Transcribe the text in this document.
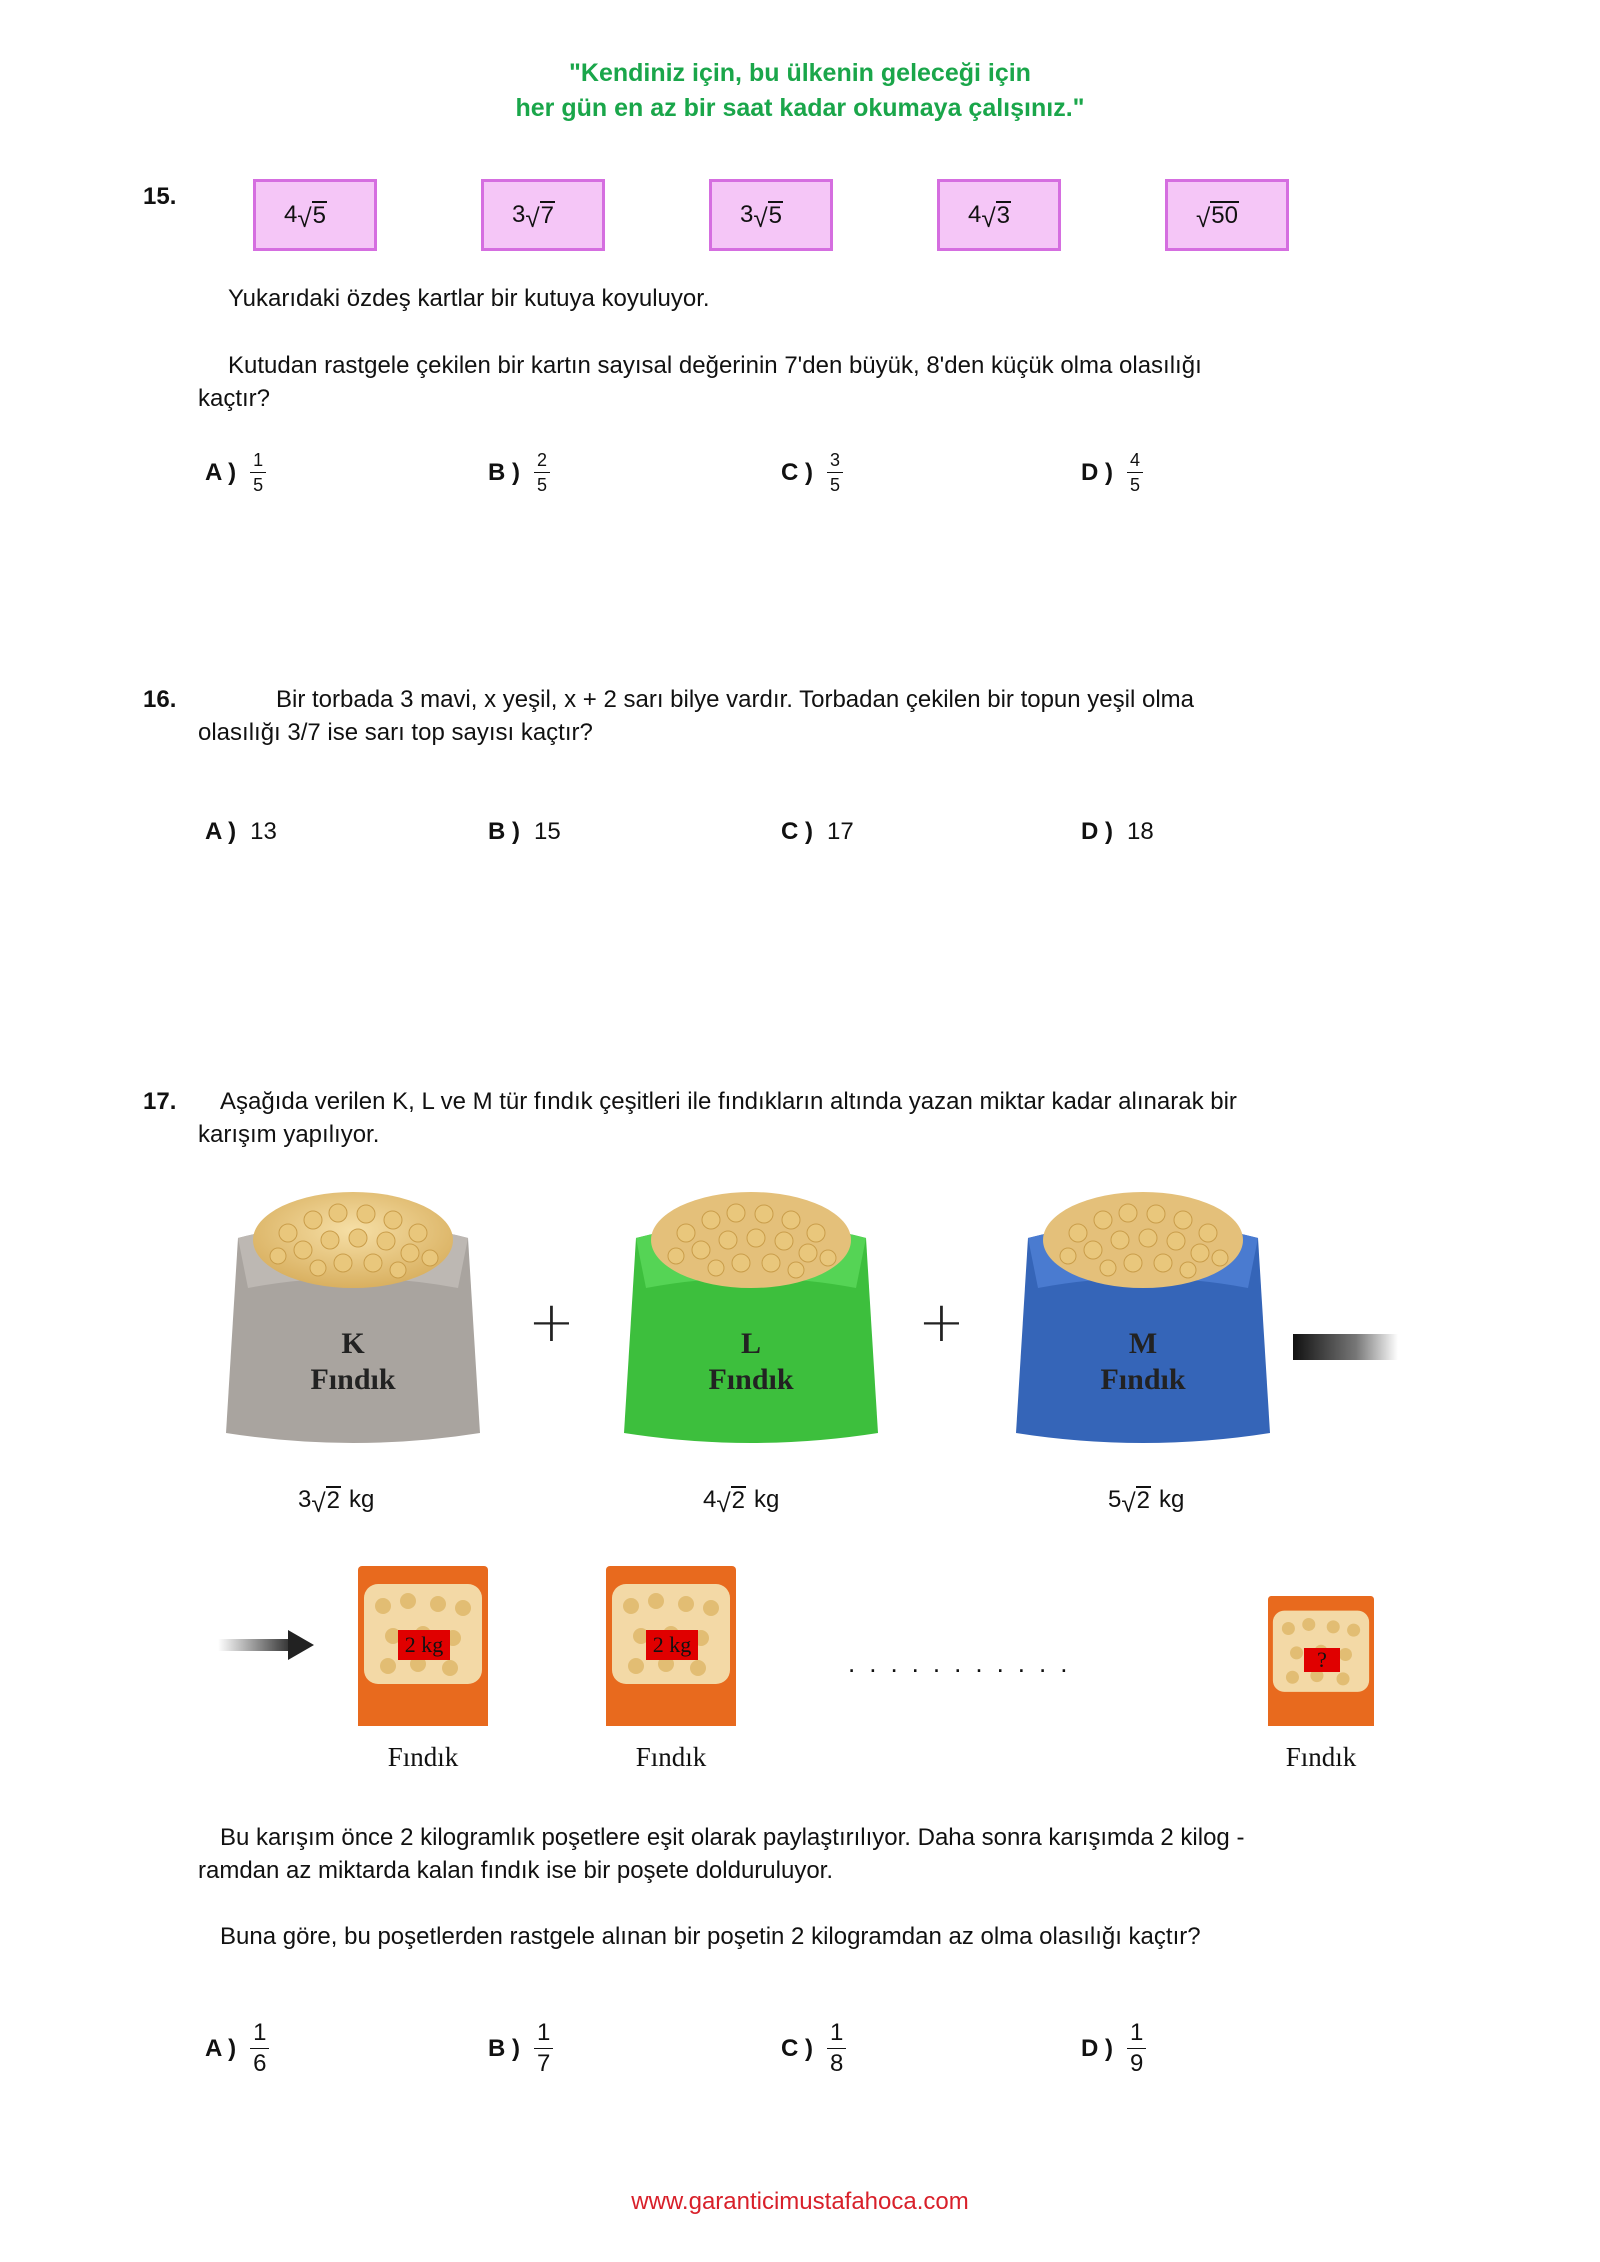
"Kendiniz için, bu ülkenin geleceği için
her gün en az bir saat kadar okumaya çalışınız."
15.
4 √ 5	3 √ 7	3 √ 5	4 √ 3	√ 50
Yukarıdaki özdeş kartlar bir kutuya koyuluyor.
Kutudan rastgele çekilen bir kartın sayısal değerinin 7'den büyük, 8'den küçük olma olasılığı
kaçtır?
A ) $\frac{1}{5}$	B ) $\frac{2}{5}$	C ) $\frac{3}{5}$	D ) $\frac{4}{5}$
16.	Bir torbada 3 mavi, x yeşil, x + 2 sarı bilye vardır. Torbadan çekilen bir topun yeşil olma
olasılığı 3/7 ise sarı top sayısı kaçtır?
A ) 13	B ) 15	C ) 17	D ) 18
17. Aşağıda verilen K, L ve M tür fındık çeşitleri ile fındıkların altında yazan miktar kadar alınarak bir
karışım yapılıyor.
K
Fındık
L
Fındık
M
Fındık
+	+
3 √ 2 kg	4 √ 2 kg	5 √ 2 kg
2 kg	2 kg
?
...........
Fındık	Fındık	Fındık
Bu karışım önce 2 kilogramlık poşetlere eşit olarak paylaştırılıyor. Daha sonra karışımda 2 kilog -
ramdan az miktarda kalan fındık ise bir poşete dolduruluyor.
Buna göre, bu poşetlerden rastgele alınan bir poşetin 2 kilogramdan az olma olasılığı kaçtır?
A ) $\frac{1}{6}$	B ) $\frac{1}{7}$	C ) $\frac{1}{8}$	D ) $\frac{1}{9}$
www.garanticimustafahoca.com
